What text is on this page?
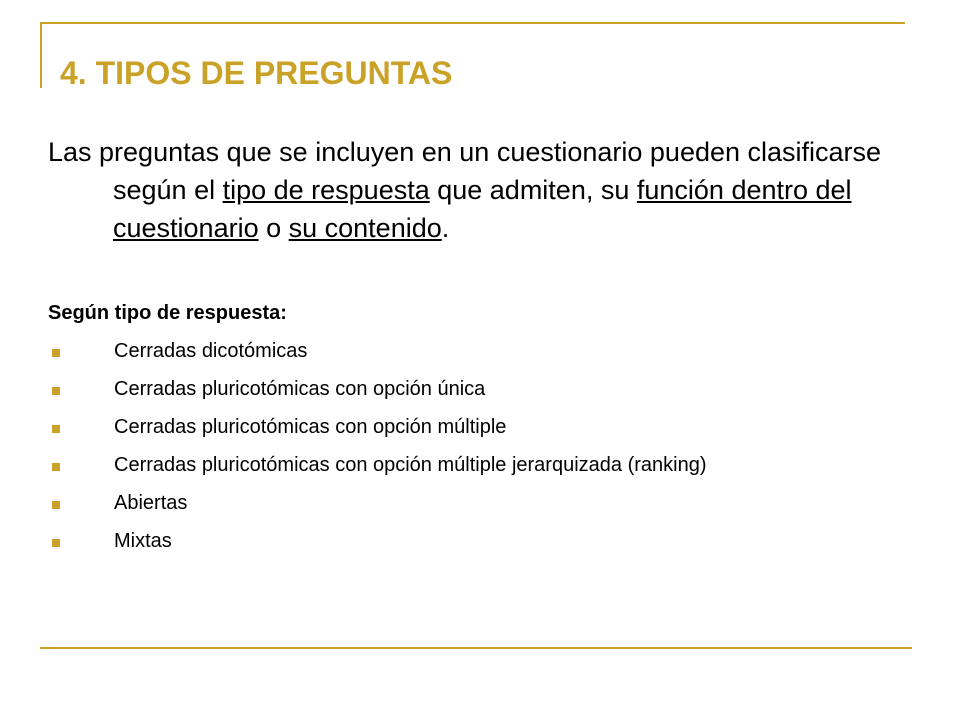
4. TIPOS DE PREGUNTAS

Las preguntas que se incluyen en un cuestionario pueden clasificarse según el tipo de respuesta que admiten, su función dentro del cuestionario o su contenido.

Según tipo de respuesta:
Cerradas dicotómicas
Cerradas pluricotómicas con opción única
Cerradas pluricotómicas con opción múltiple
Cerradas pluricotómicas con opción múltiple jerarquizada (ranking)
Abiertas
Mixtas
